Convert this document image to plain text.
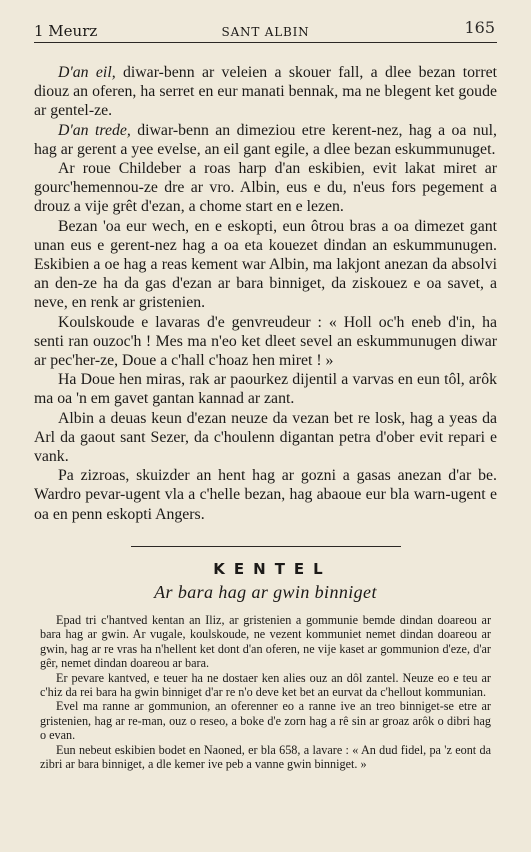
1 Meurz	SANT ALBIN	165

D'an eil, diwar-benn ar veleien a skouer fall, a dlee bezan torret diouz an oferen, ha serret en eur manati bennak, ma ne blegent ket goude ar gentel-ze.

D'an trede, diwar-benn an dimeziou etre kerent-nez, hag a oa nul, hag ar gerent a yee evelse, an eil gant egile, a dlee bezan eskummunuget.

Ar roue Childeber a roas harp d'an eskibien, evit lakat miret ar gourc'hemennou-ze dre ar vro. Albin, eus e du, n'eus fors pegement a drouz a vije grêt d'ezan, a chome start en e lezen.

Bezan 'oa eur wech, en e eskopti, eun ôtrou bras a oa dimezet gant unan eus e gerent-nez hag a oa eta kouezet dindan an eskummunugen. Eskibien a oe hag a reas kement war Albin, ma lakjont anezan da absolvi an den-ze ha da gas d'ezan ar bara binniget, da ziskouez e oa savet, a neve, en renk ar gristenien.

Koulskoude e lavaras d'e genvreudeur : « Holl oc'h eneb d'in, ha senti ran ouzoc'h ! Mes ma n'eo ket dleet sevel an eskummunugen diwar ar pec'her-ze, Doue a c'hall c'hoaz hen miret ! »

Ha Doue hen miras, rak ar paourkez dijentil a varvas en eun tôl, arôk ma oa 'n em gavet gantan kannad ar zant.

Albin a deuas keun d'ezan neuze da vezan bet re losk, hag a yeas da Arl da gaout sant Sezer, da c'houlenn digantan petra d'ober evit repari e vank.

Pa zizroas, skuizder an hent hag ar gozni a gasas anezan d'ar be. Wardro pevar-ugent vla a c'helle bezan, hag abaoue eur bla warn-ugent e oa en penn eskopti Angers.

KENTEL
Ar bara hag ar gwin binniget

Epad tri c'hantved kentan an Iliz, ar gristenien a gommunie bemde dindan doareou ar bara hag ar gwin. Ar vugale, koulskoude, ne vezent kommuniet nemet dindan doareou ar gwin, hag ar re vras ha n'hellent ket dont d'an oferen, ne vije kaset ar gommunion d'eze, d'ar gêr, nemet dindan doareou ar bara.

Er pevare kantved, e teuer ha ne dostaer ken alies ouz an dôl zantel. Neuze eo e teu ar c'hiz da rei bara ha gwin binniget d'ar re n'o deve ket bet an eurvat da c'hellout kommunian.

Evel ma ranne ar gommunion, an oferenner eo a ranne ive an treo binniget-se etre ar gristenien, hag ar re-man, ouz o reseo, a boke d'e zorn hag a rê sin ar groaz arôk o dibri hag o evan.

Eun nebeut eskibien bodet en Naoned, er bla 658, a lavare : « An dud fidel, pa 'z eont da zibri ar bara binniget, a dle kemer ive peb a vanne gwin binniget. »
